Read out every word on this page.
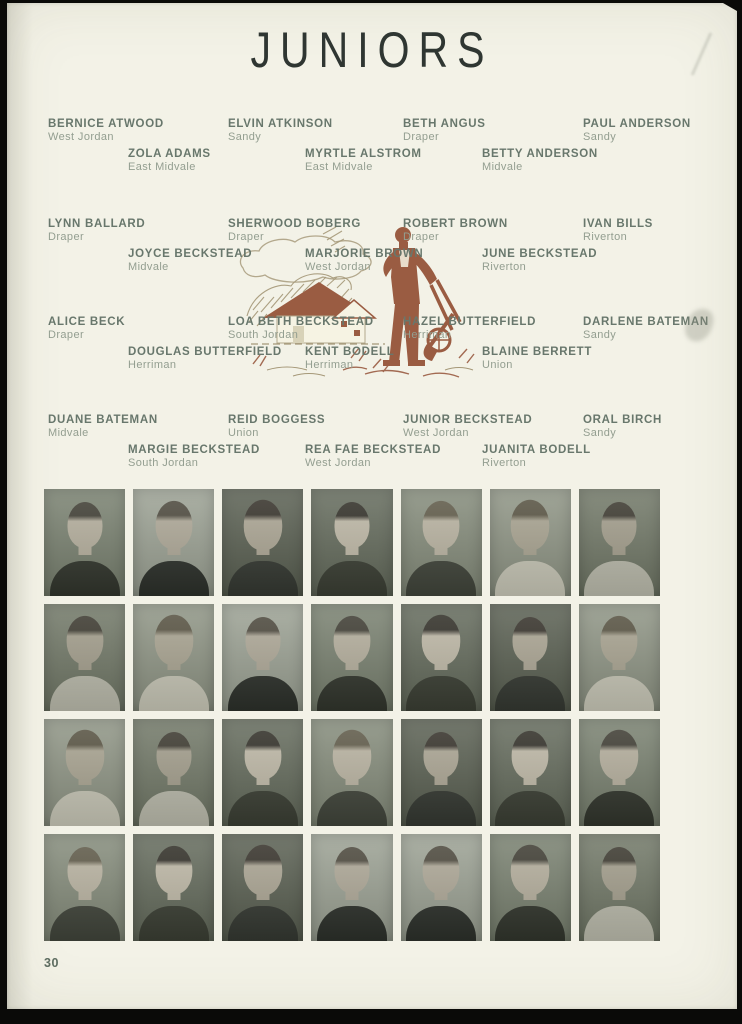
JUNIORS
BERNICE ATWOOD
West Jordan
ELVIN ATKINSON
Sandy
BETH ANGUS
Draper
PAUL ANDERSON
Sandy
ZOLA ADAMS
East Midvale
MYRTLE ALSTROM
East Midvale
BETTY ANDERSON
Midvale
LYNN BALLARD
Draper
SHERWOOD BOBERG
Draper
ROBERT BROWN
Draper
IVAN BILLS
Riverton
JOYCE BECKSTEAD
Midvale
MARJORIE BROWN
West Jordan
JUNE BECKSTEAD
Riverton
ALICE BECK
Draper
LOA BETH BECKSTEAD
South Jordan
HAZEL BUTTERFIELD
Herriman
DARLENE BATEMAN
Sandy
DOUGLAS BUTTERFIELD
Herriman
KENT BODELL
Herriman
BLAINE BERRETT
Union
DUANE BATEMAN
Midvale
REID BOGGESS
Union
JUNIOR BECKSTEAD
West Jordan
ORAL BIRCH
Sandy
MARGIE BECKSTEAD
South Jordan
REA FAE BECKSTEAD
West Jordan
JUANITA BODELL
Riverton
30
